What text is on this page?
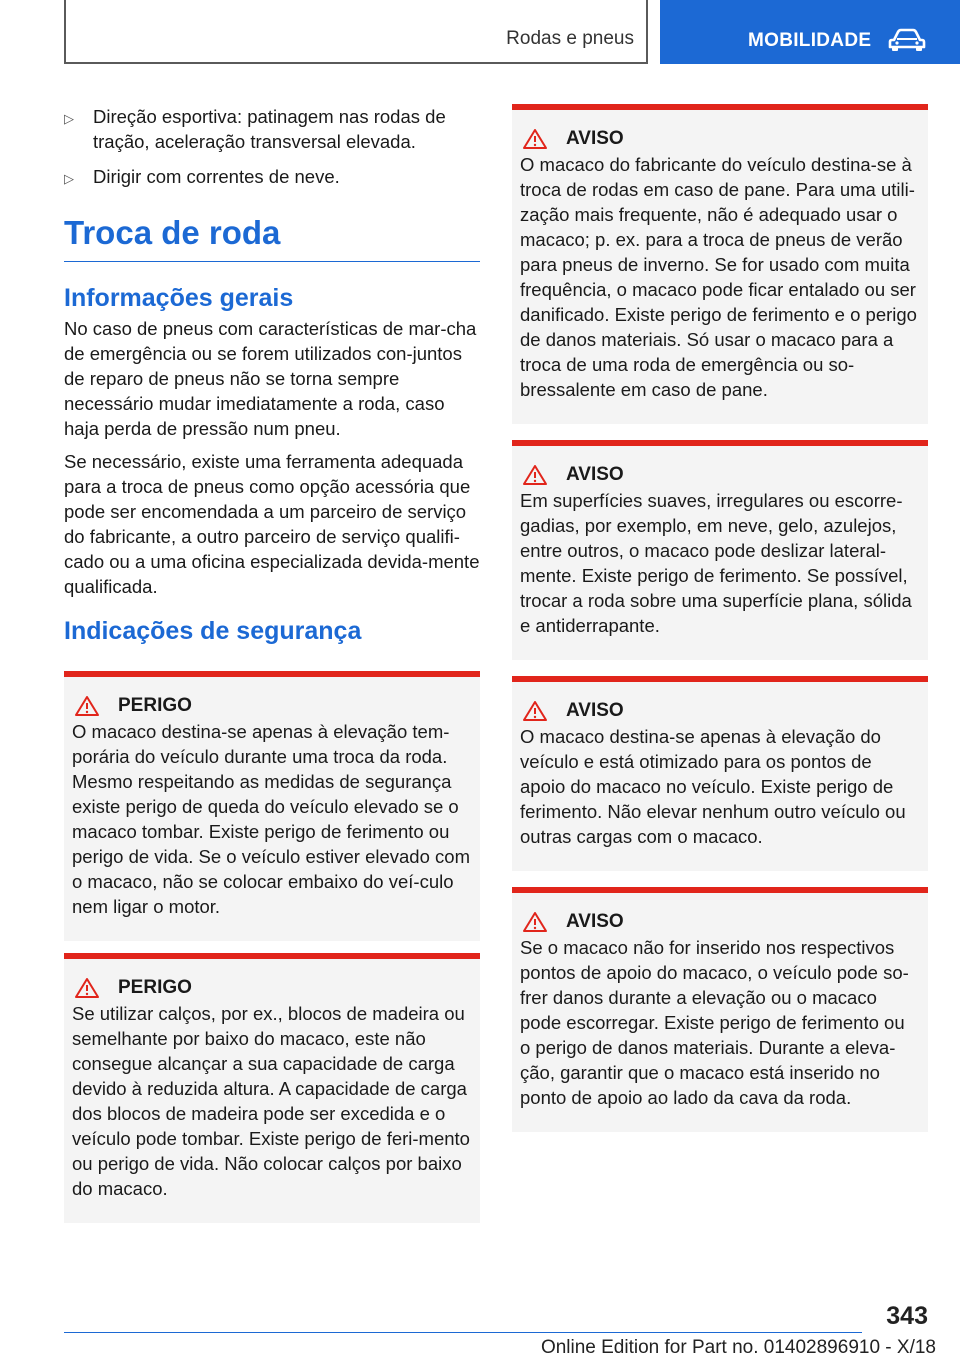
Rodas e pneus	MOBILIDADE
▷	Direção esportiva: patinagem nas rodas de tração, aceleração transversal elevada.
▷	Dirigir com correntes de neve.
Troca de roda
Informações gerais

No caso de pneus com características de mar-cha de emergência ou se forem utilizados con-juntos de reparo de pneus não se torna sempre necessário mudar imediatamente a roda, caso haja perda de pressão num pneu.

Se necessário, existe uma ferramenta adequada para a troca de pneus como opção acessória que pode ser encomendada a um parceiro de serviço do fabricante, a outro parceiro de serviço qualifi-cado ou a uma oficina especializada devida-mente qualificada.

Indicações de segurança
PERIGO
O macaco destina-se apenas à elevação tem-porária do veículo durante uma troca da roda. Mesmo respeitando as medidas de segurança existe perigo de queda do veículo elevado se o macaco tombar. Existe perigo de ferimento ou perigo de vida. Se o veículo estiver elevado com o macaco, não se colocar embaixo do veí-culo nem ligar o motor.
PERIGO
Se utilizar calços, por ex., blocos de madeira ou semelhante por baixo do macaco, este não consegue alcançar a sua capacidade de carga devido à reduzida altura. A capacidade de carga dos blocos de madeira pode ser excedida e o veículo pode tombar. Existe perigo de feri-mento ou perigo de vida. Não colocar calços por baixo do macaco.
AVISO
O macaco do fabricante do veículo destina-se à troca de rodas em caso de pane. Para uma utili-zação mais frequente, não é adequado usar o macaco; p. ex. para a troca de pneus de verão para pneus de inverno. Se for usado com muita frequência, o macaco pode ficar entalado ou ser danificado. Existe perigo de ferimento e o perigo de danos materiais. Só usar o macaco para a troca de uma roda de emergência ou so-bressalente em caso de pane.
AVISO
Em superfícies suaves, irregulares ou escorre-gadias, por exemplo, em neve, gelo, azulejos, entre outros, o macaco pode deslizar lateral-mente. Existe perigo de ferimento. Se possível, trocar a roda sobre uma superfície plana, sólida e antiderrapante.
AVISO
O macaco destina-se apenas à elevação do veículo e está otimizado para os pontos de apoio do macaco no veículo. Existe perigo de ferimento. Não elevar nenhum outro veículo ou outras cargas com o macaco.
AVISO
Se o macaco não for inserido nos respectivos pontos de apoio do macaco, o veículo pode so-frer danos durante a elevação ou o macaco pode escorregar. Existe perigo de ferimento ou o perigo de danos materiais. Durante a eleva-ção, garantir que o macaco está inserido no ponto de apoio ao lado da cava da roda.
343
Online Edition for Part no. 01402896910 - X/18
